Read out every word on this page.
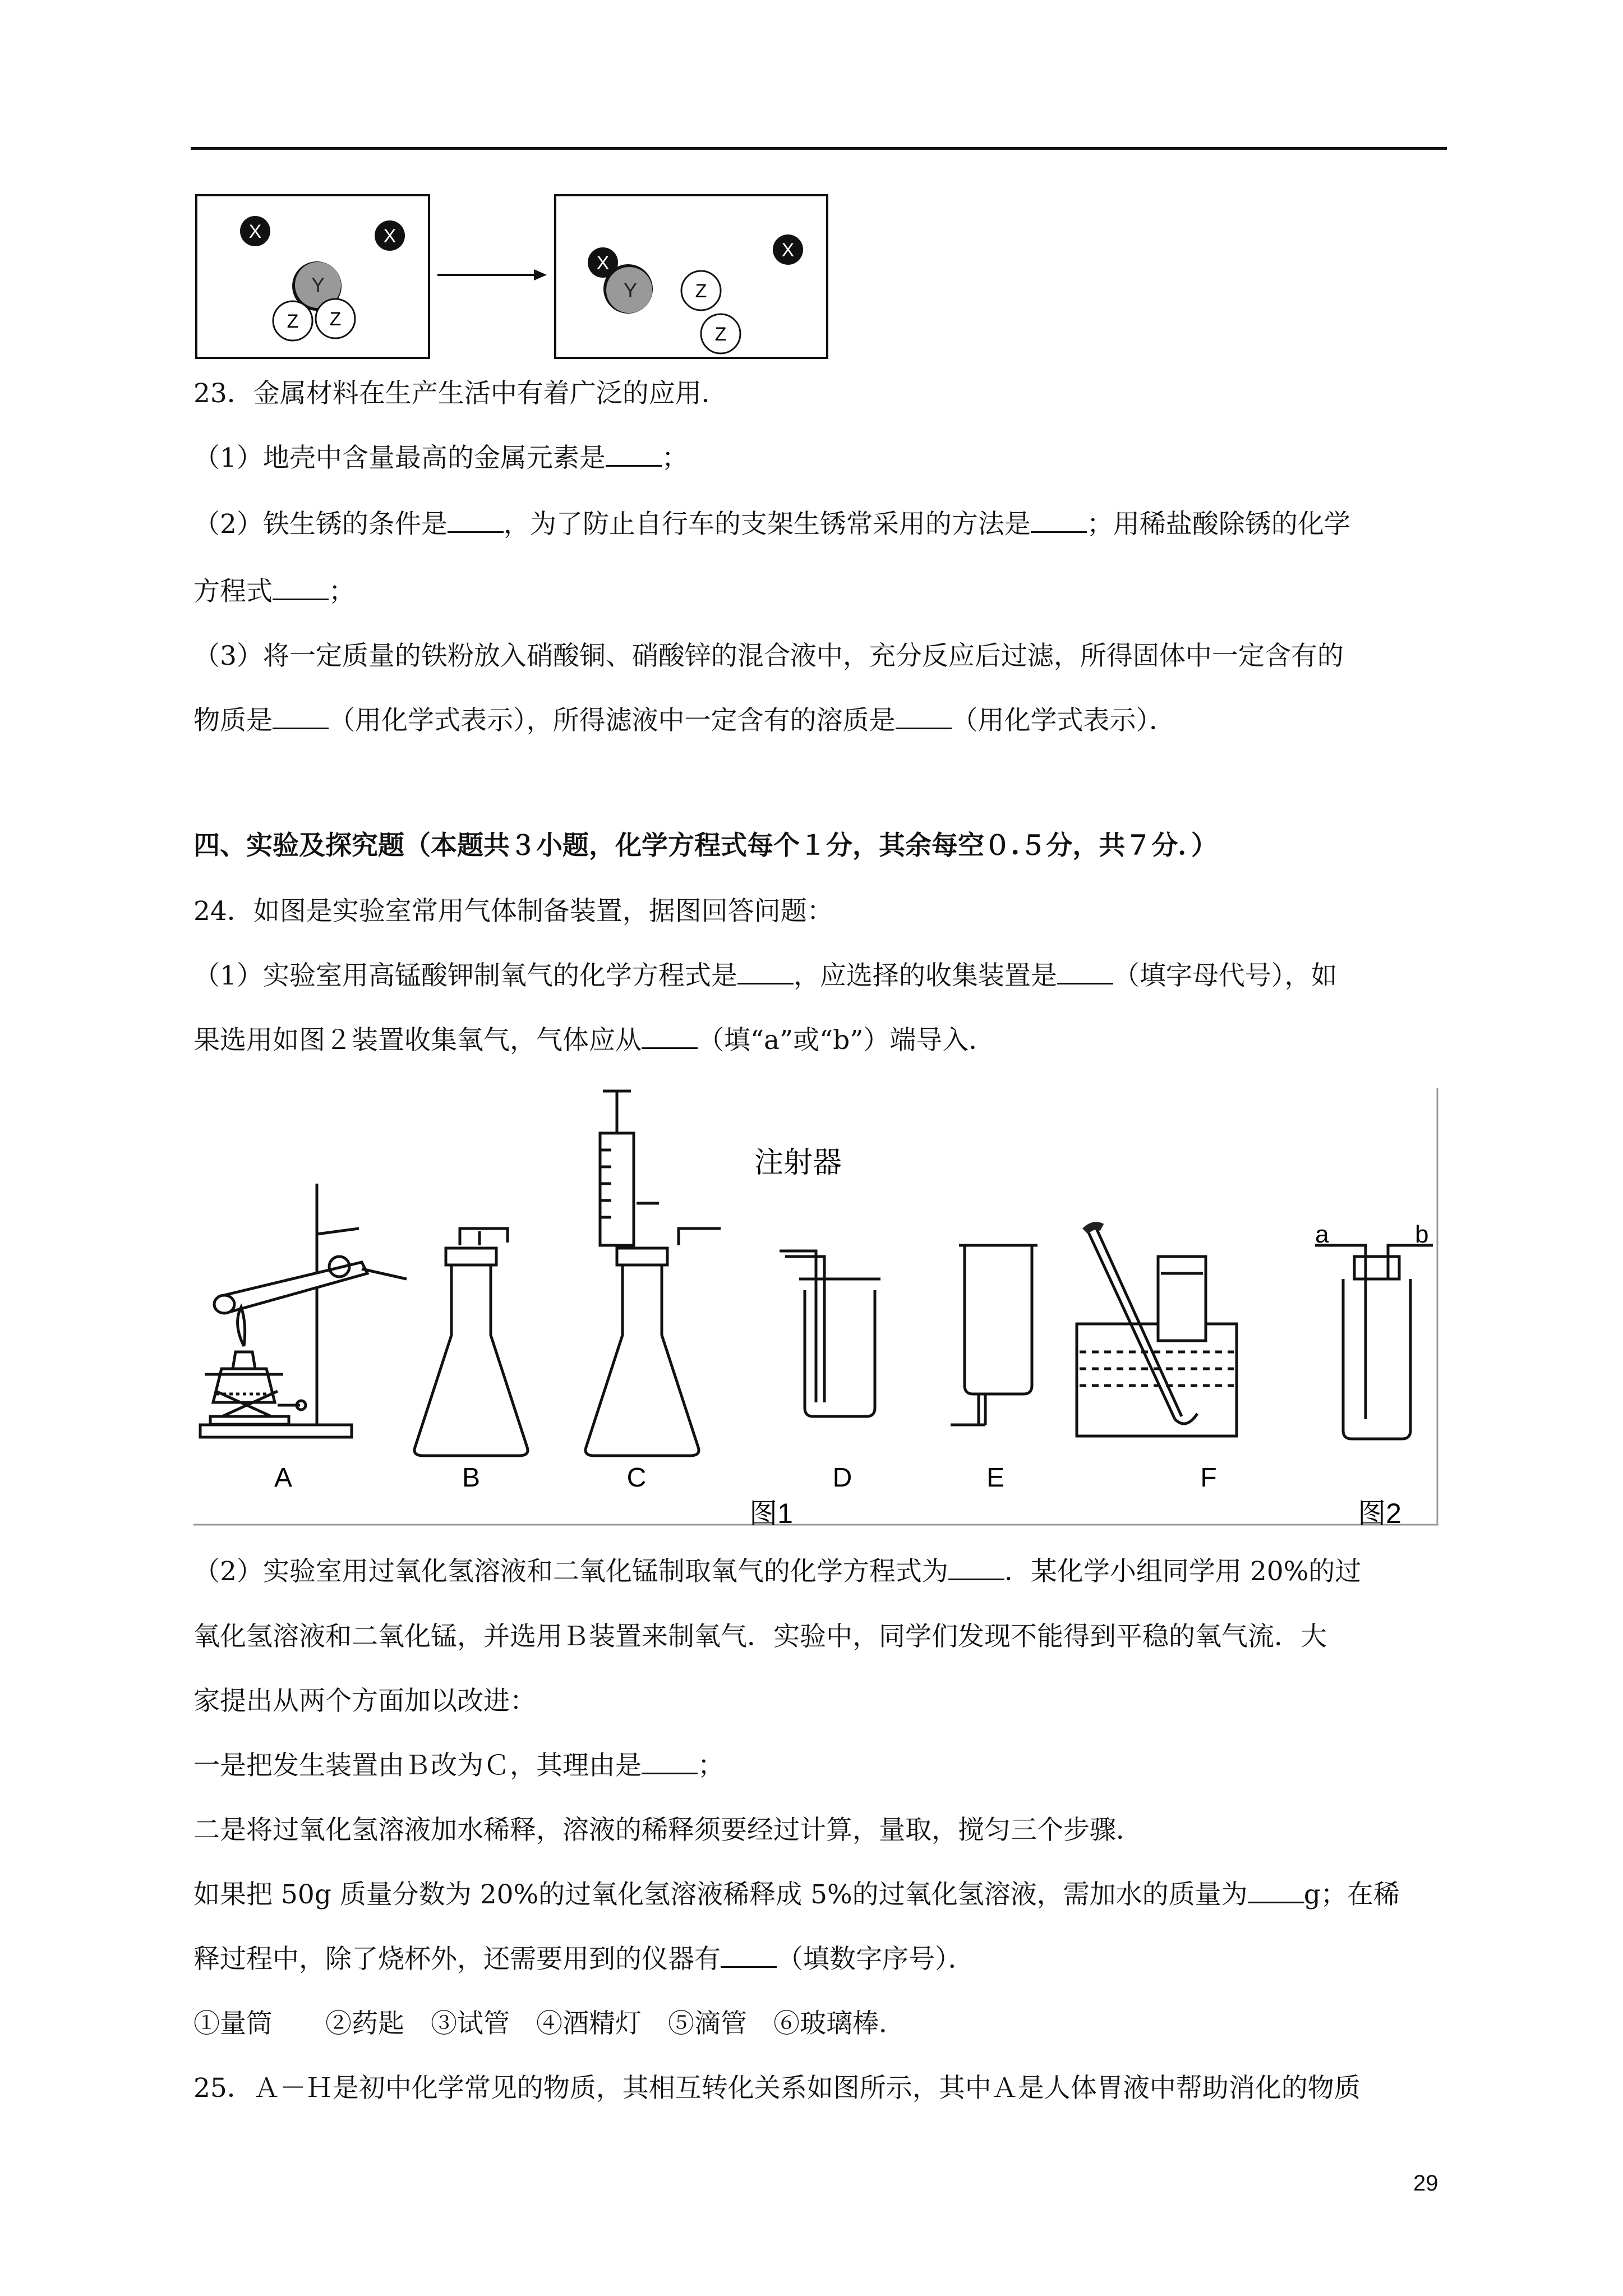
X	X
Y
Z Z
Y
X
Z
Z
X
23．金属材料在生产生活中有着广泛的应用．
（1）地壳中含量最高的金属元素是 ；
（2）铁生锈的条件是 ，为了防止自行车的支架生锈常采用的方法是 ；用稀盐酸除锈的化学
方程式 ；
（3）将一定质量的铁粉放入硝酸铜、硝酸锌的混合液中，充分反应后过滤，所得固体中一定含有的
物质是 （用化学式表示），所得滤液中一定含有的溶质是 （用化学式表示）．
四、实验及探究题（本题共３小题，化学方程式每个１分，其余每空０.５分，共７分．）
24．如图是实验室常用气体制备装置，据图回答问题：
（1）实验室用高锰酸钾制氧气的化学方程式是 ，应选择的收集装置是 （填字母代号），如
果选用如图２装置收集氧气，气体应从 （填“a”或“b”）端导入．
注射器
a	b
A	B	C	D	E	F
图1	图2
（2）实验室用过氧化氢溶液和二氧化锰制取氧气的化学方程式为 ．某化学小组同学用 20%的过
氧化氢溶液和二氧化锰，并选用Ｂ装置来制氧气．实验中，同学们发现不能得到平稳的氧气流．大
家提出从两个方面加以改进：
一是把发生装置由Ｂ改为Ｃ，其理由是 ；
二是将过氧化氢溶液加水稀释，溶液的稀释须要经过计算，量取，搅匀三个步骤．
如果把 50g 质量分数为 20%的过氧化氢溶液稀释成 5%的过氧化氢溶液，需加水的质量为 g；在稀
释过程中，除了烧杯外，还需要用到的仪器有 （填数字序号）．
①量筒　　②药匙　③试管　④酒精灯　⑤滴管　⑥玻璃棒．
25．Ａ－Ｈ是初中化学常见的物质，其相互转化关系如图所示，其中Ａ是人体胃液中帮助消化的物质
29
